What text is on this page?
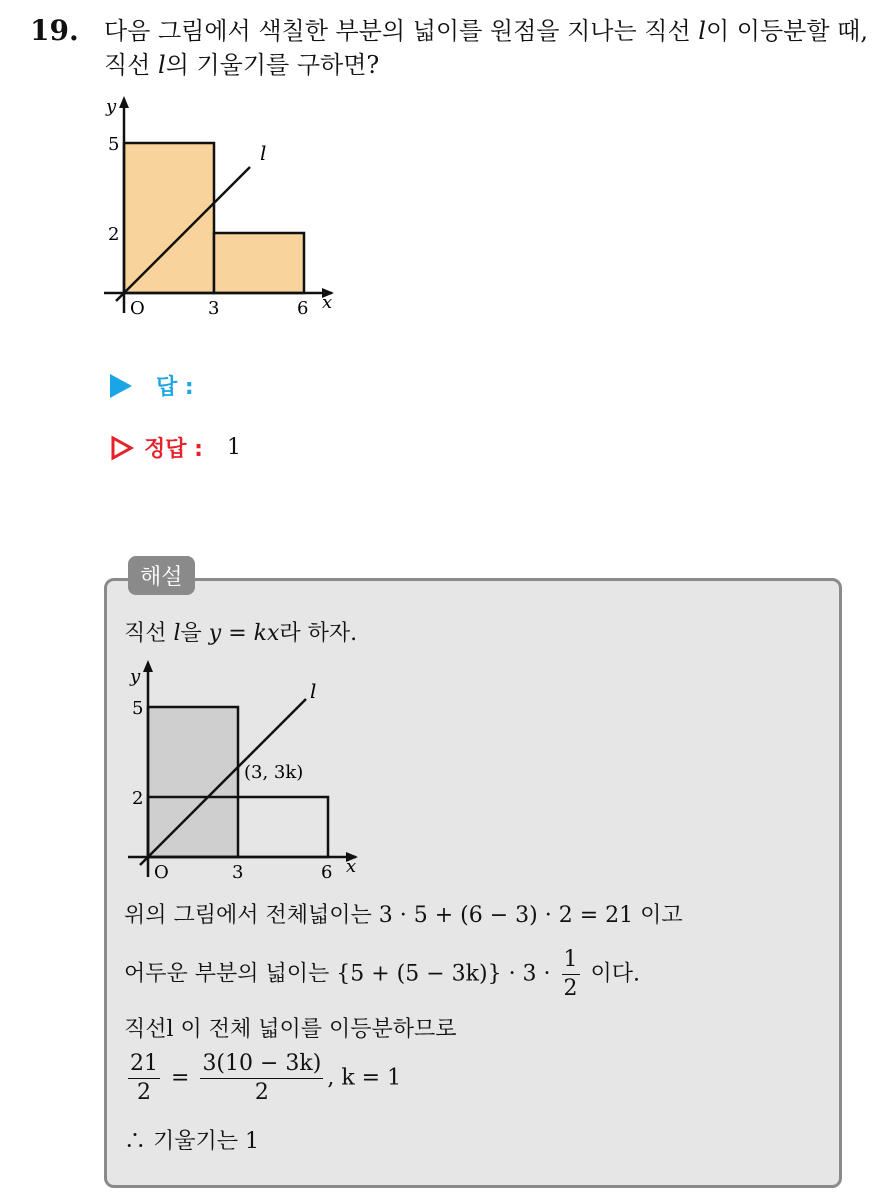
19. 다음 그림에서 색칠한 부분의 넓이를 원점을 지나는 직선 l이 이등분할 때, 직선 l의 기울기를 구하면?
y
5
2
O	3	6 x
l
답 :
정답 : 1
해설
직선 l을 y = kx라 하자.
y
5
2
O	3	6 x
l
(3, 3k)
위의 그림에서 전체넓이는 3 · 5 + (6 − 3) · 2 = 21 이고
어두운 부분의 넓이는 $\{5 + (5 - 3k)\} \cdot 3 \cdot \frac{1}{2}$ 이다.
직선l 이 전체 넓이를 이등분하므로
$\frac{21}{2} = \frac{3(10 - 3k)}{2}$ , k = 1
∴ 기울기는 1
